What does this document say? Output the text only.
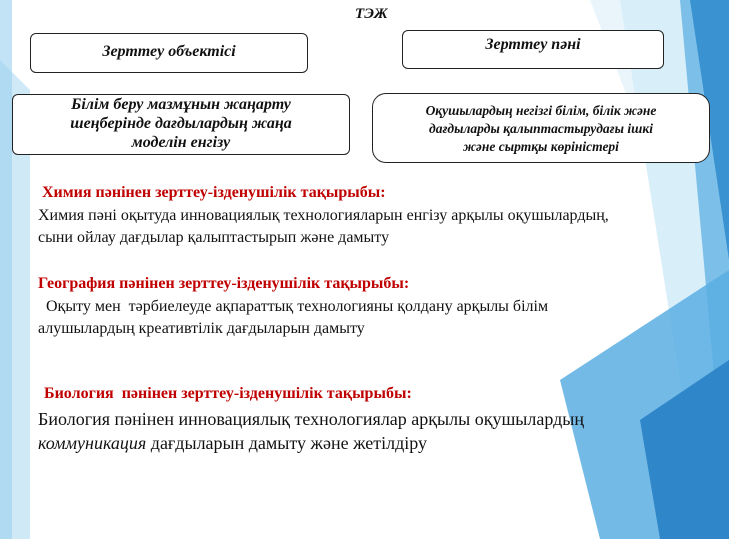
ТЭЖ
Зерттеу объектісі	Зерттеу пәні
Білім беру мазмұнын жаңарту
шеңберінде дағдылардың жаңа
моделін енгізу
Оқушылардың негізгі білім, білік және
дағдыларды қалыптастырудағы ішкі
және сыртқы көріністері
Химия пәнінен зерттеу-ізденушілік тақырыбы:
Химия пәні оқытуда инновациялық технологияларын енгізу арқылы оқушылардың,
сыни ойлау дағдылар қалыптастырып және дамыту
География пәнінен зерттеу-ізденушілік тақырыбы:
Оқыту мен  тәрбиелеуде ақпараттық технологияны қолдану арқылы білім
алушылардың креативтілік дағдыларын дамыту
Биология  пәнінен зерттеу-ізденушілік тақырыбы:
Биология пәнінен инновациялық технологиялар арқылы оқушылардың
коммуникация дағдыларын дамыту және жетілдіру
